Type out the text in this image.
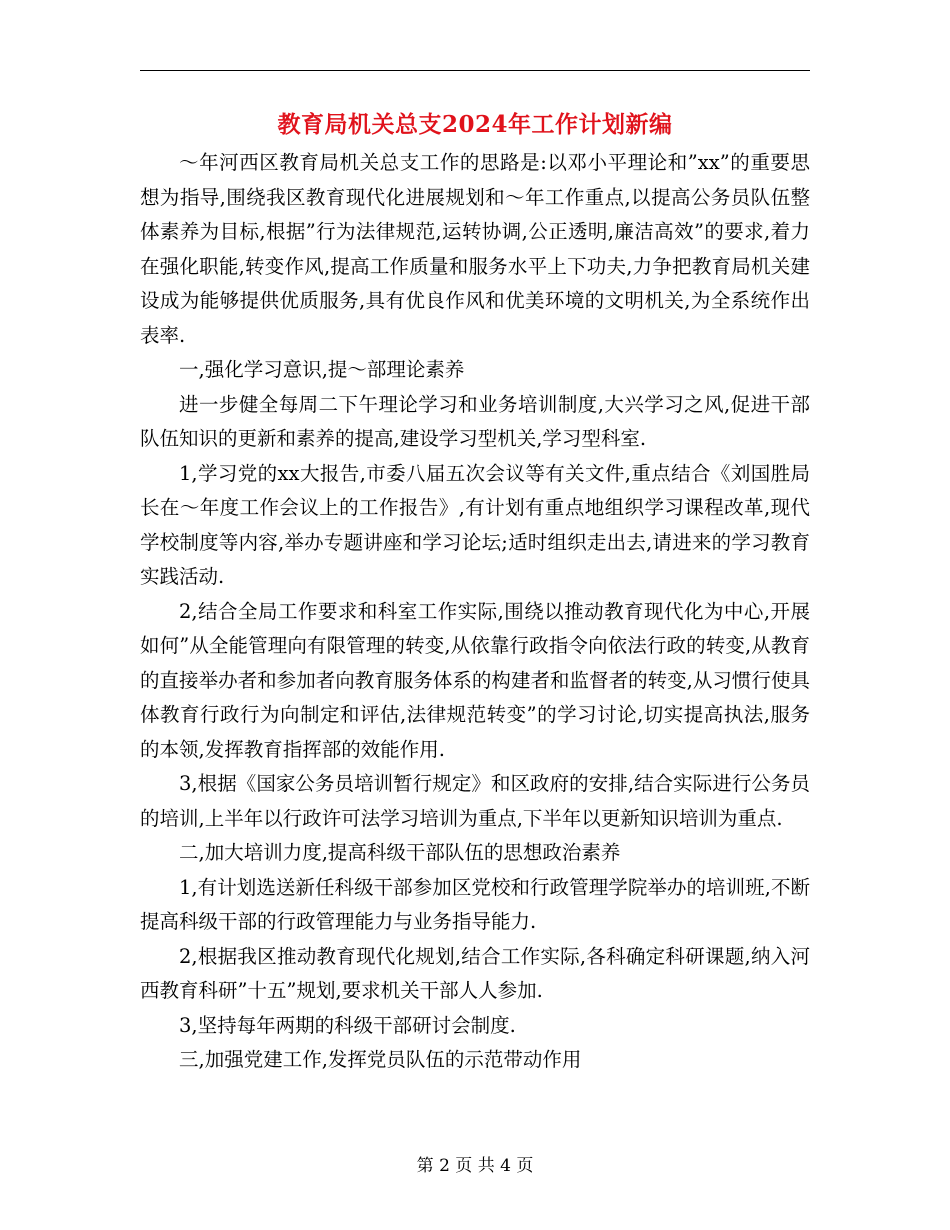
教育局机关总支2024年工作计划新编

～年河西区教育局机关总支工作的思路是:以邓小平理论和”xx”的重要思想为指导,围绕我区教育现代化进展规划和～年工作重点,以提高公务员队伍整体素养为目标,根据”行为法律规范,运转协调,公正透明,廉洁高效”的要求,着力在强化职能,转变作风,提高工作质量和服务水平上下功夫,力争把教育局机关建设成为能够提供优质服务,具有优良作风和优美环境的文明机关,为全系统作出表率.

一,强化学习意识,提～部理论素养

进一步健全每周二下午理论学习和业务培训制度,大兴学习之风,促进干部队伍知识的更新和素养的提高,建设学习型机关,学习型科室.

1,学习党的xx大报告,市委八届五次会议等有关文件,重点结合《刘国胜局长在～年度工作会议上的工作报告》,有计划有重点地组织学习课程改革,现代学校制度等内容,举办专题讲座和学习论坛;适时组织走出去,请进来的学习教育实践活动.

2,结合全局工作要求和科室工作实际,围绕以推动教育现代化为中心,开展如何”从全能管理向有限管理的转变,从依靠行政指令向依法行政的转变,从教育的直接举办者和参加者向教育服务体系的构建者和监督者的转变,从习惯行使具体教育行政行为向制定和评估,法律规范转变”的学习讨论,切实提高执法,服务的本领,发挥教育指挥部的效能作用.

3,根据《国家公务员培训暂行规定》和区政府的安排,结合实际进行公务员的培训,上半年以行政许可法学习培训为重点,下半年以更新知识培训为重点.

二,加大培训力度,提高科级干部队伍的思想政治素养

1,有计划选送新任科级干部参加区党校和行政管理学院举办的培训班,不断提高科级干部的行政管理能力与业务指导能力.

2,根据我区推动教育现代化规划,结合工作实际,各科确定科研课题,纳入河西教育科研”十五”规划,要求机关干部人人参加.

3,坚持每年两期的科级干部研讨会制度.

三,加强党建工作,发挥党员队伍的示范带动作用

第 2 页 共 4 页
